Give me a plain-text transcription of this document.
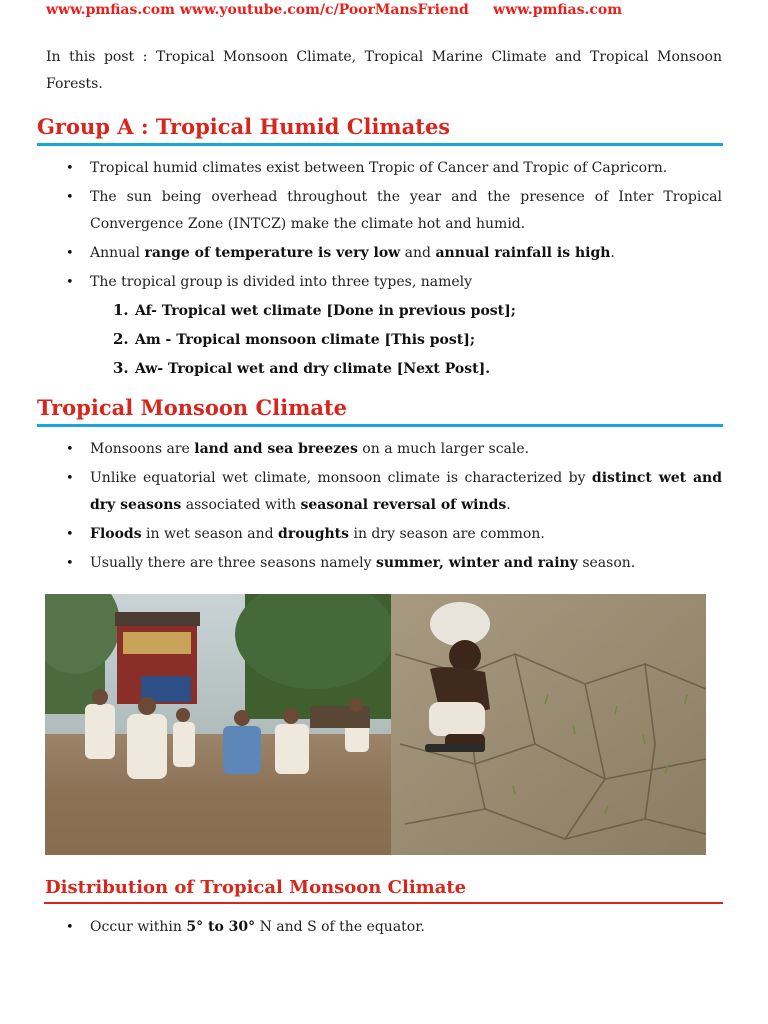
www.pmfias.com www.youtube.com/c/PoorMansFriend     www.pmfias.com

In this post : Tropical Monsoon Climate, Tropical Marine Climate and Tropical Monsoon Forests.

Group A : Tropical Humid Climates
• Tropical humid climates exist between Tropic of Cancer and Tropic of Capricorn.
• The sun being overhead throughout the year and the presence of Inter Tropical Convergence Zone (INTCZ) make the climate hot and humid.
• Annual range of temperature is very low and annual rainfall is high.
• The tropical group is divided into three types, namely
1. Af- Tropical wet climate [Done in previous post];
2. Am - Tropical monsoon climate [This post];
3. Aw- Tropical wet and dry climate [Next Post].
Tropical Monsoon Climate
• Monsoons are land and sea breezes on a much larger scale.
• Unlike equatorial wet climate, monsoon climate is characterized by distinct wet and dry seasons associated with seasonal reversal of winds.
• Floods in wet season and droughts in dry season are common.
• Usually there are three seasons namely summer, winter and rainy season.
Distribution of Tropical Monsoon Climate
• Occur within 5° to 30° N and S of the equator.
